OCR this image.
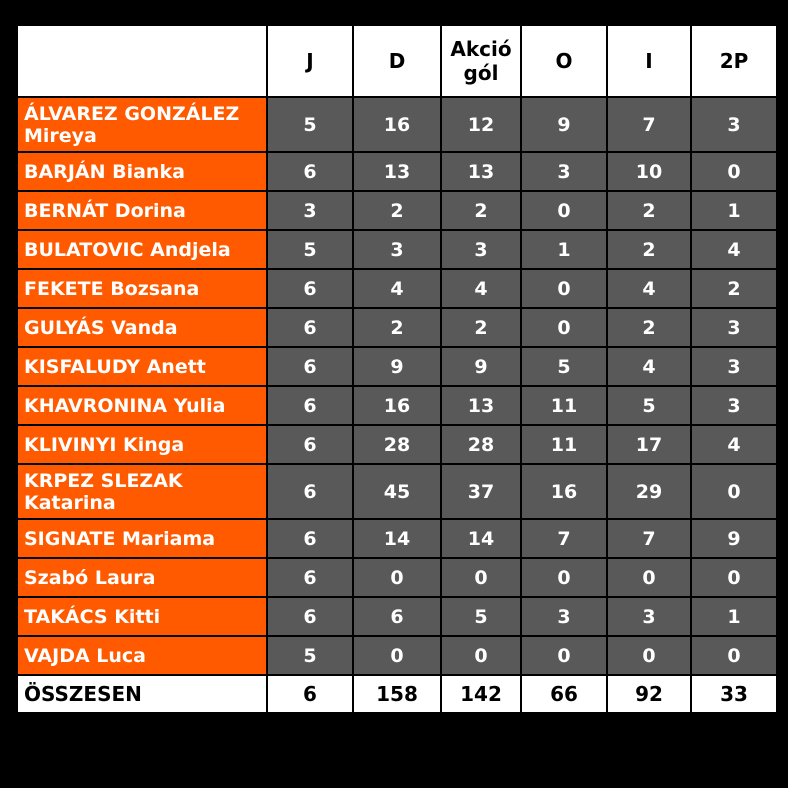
	J	D	Akció gól	O	I	2P
ÁLVAREZ GONZÁLEZ Mireya	5	16	12	9	7	3
BARJÁN Bianka	6	13	13	3	10	0
BERNÁT Dorina	3	2	2	0	2	1
BULATOVIC Andjela	5	3	3	1	2	4
FEKETE Bozsana	6	4	4	0	4	2
GULYÁS Vanda	6	2	2	0	2	3
KISFALUDY Anett	6	9	9	5	4	3
KHAVRONINA Yulia	6	16	13	11	5	3
KLIVINYI Kinga	6	28	28	11	17	4
KRPEZ SLEZAK Katarina	6	45	37	16	29	0
SIGNATE Mariama	6	14	14	7	7	9
Szabó Laura	6	0	0	0	0	0
TAKÁCS Kitti	6	6	5	3	3	1
VAJDA Luca	5	0	0	0	0	0
ÖSSZESEN	6	158	142	66	92	33
